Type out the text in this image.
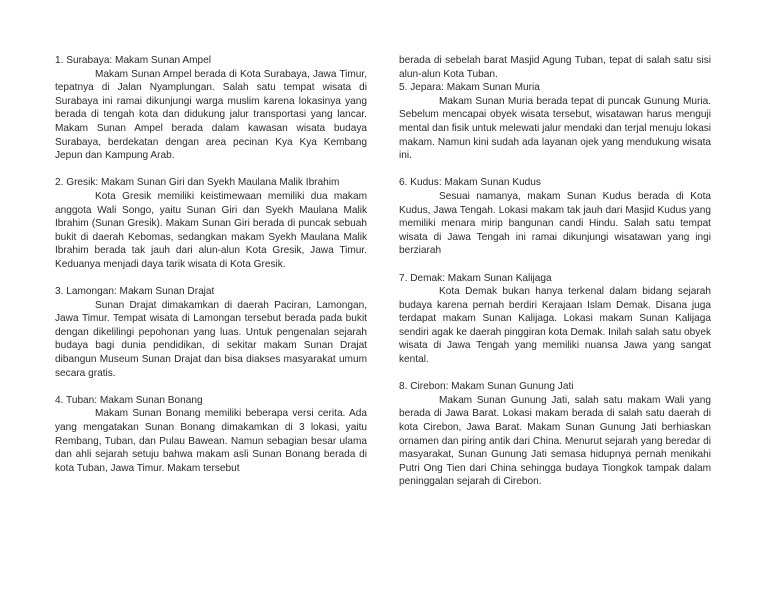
1. Surabaya: Makam Sunan Ampel

Makam Sunan Ampel berada di Kota Surabaya, Jawa Timur, tepatnya di Jalan Nyamplungan. Salah satu tempat wisata di Surabaya ini ramai dikunjungi warga muslim karena lokasinya yang berada di tengah kota dan didukung jalur transportasi yang lancar. Makam Sunan Ampel berada dalam kawasan wisata budaya Surabaya, berdekatan dengan area pecinan Kya Kya Kembang Jepun dan Kampung Arab.

2. Gresik: Makam Sunan Giri dan Syekh Maulana Malik Ibrahim

Kota Gresik memiliki keistimewaan memiliki dua makam anggota Wali Songo, yaitu Sunan Giri dan Syekh Maulana Malik Ibrahim (Sunan Gresik). Makam Sunan Giri berada di puncak sebuah bukit di daerah Kebomas, sedangkan makam Syekh Maulana Malik Ibrahim berada tak jauh dari alun-alun Kota Gresik, Jawa Timur. Keduanya menjadi daya tarik wisata di Kota Gresik.

3. Lamongan: Makam Sunan Drajat

Sunan Drajat dimakamkan di daerah Paciran, Lamongan, Jawa Timur. Tempat wisata di Lamongan tersebut berada pada bukit dengan dikelilingi pepohonan yang luas. Untuk pengenalan sejarah budaya bagi dunia pendidikan, di sekitar makam Sunan Drajat dibangun Museum Sunan Drajat dan bisa diakses masyarakat umum secara gratis.

4. Tuban: Makam Sunan Bonang

Makam Sunan Bonang memiliki beberapa versi cerita. Ada yang mengatakan Sunan Bonang dimakamkan di 3 lokasi, yaitu Rembang, Tuban, dan Pulau Bawean. Namun sebagian besar ulama dan ahli sejarah setuju bahwa makam asli Sunan Bonang berada di kota Tuban, Jawa Timur. Makam tersebut

berada di sebelah barat Masjid Agung Tuban, tepat di salah satu sisi alun-alun Kota Tuban.

5. Jepara: Makam Sunan Muria

Makam Sunan Muria berada tepat di puncak Gunung Muria. Sebelum mencapai obyek wisata tersebut, wisatawan harus menguji mental dan fisik untuk melewati jalur mendaki dan terjal menuju lokasi makam. Namun kini sudah ada layanan ojek yang mendukung wisata ini.

6. Kudus: Makam Sunan Kudus

Sesuai namanya, makam Sunan Kudus berada di Kota Kudus, Jawa Tengah. Lokasi makam tak jauh dari Masjid Kudus yang memiliki menara mirip bangunan candi Hindu. Salah satu tempat wisata di Jawa Tengah ini ramai dikunjungi wisatawan yang ingi berziarah

7. Demak: Makam Sunan Kalijaga

Kota Demak bukan hanya terkenal dalam bidang sejarah budaya karena pernah berdiri Kerajaan Islam Demak. Disana juga terdapat makam Sunan Kalijaga. Lokasi makam Sunan Kalijaga sendiri agak ke daerah pinggiran kota Demak. Inilah salah satu obyek wisata di Jawa Tengah yang memiliki nuansa Jawa yang sangat kental.

8. Cirebon: Makam Sunan Gunung Jati

Makam Sunan Gunung Jati, salah satu makam Wali yang berada di Jawa Barat. Lokasi makam berada di salah satu daerah di kota Cirebon, Jawa Barat. Makam Sunan Gunung Jati berhiaskan ornamen dan piring antik dari China. Menurut sejarah yang beredar di masyarakat, Sunan Gunung Jati semasa hidupnya pernah menikahi Putri Ong Tien dari China sehingga budaya Tiongkok tampak dalam peninggalan sejarah di Cirebon.
